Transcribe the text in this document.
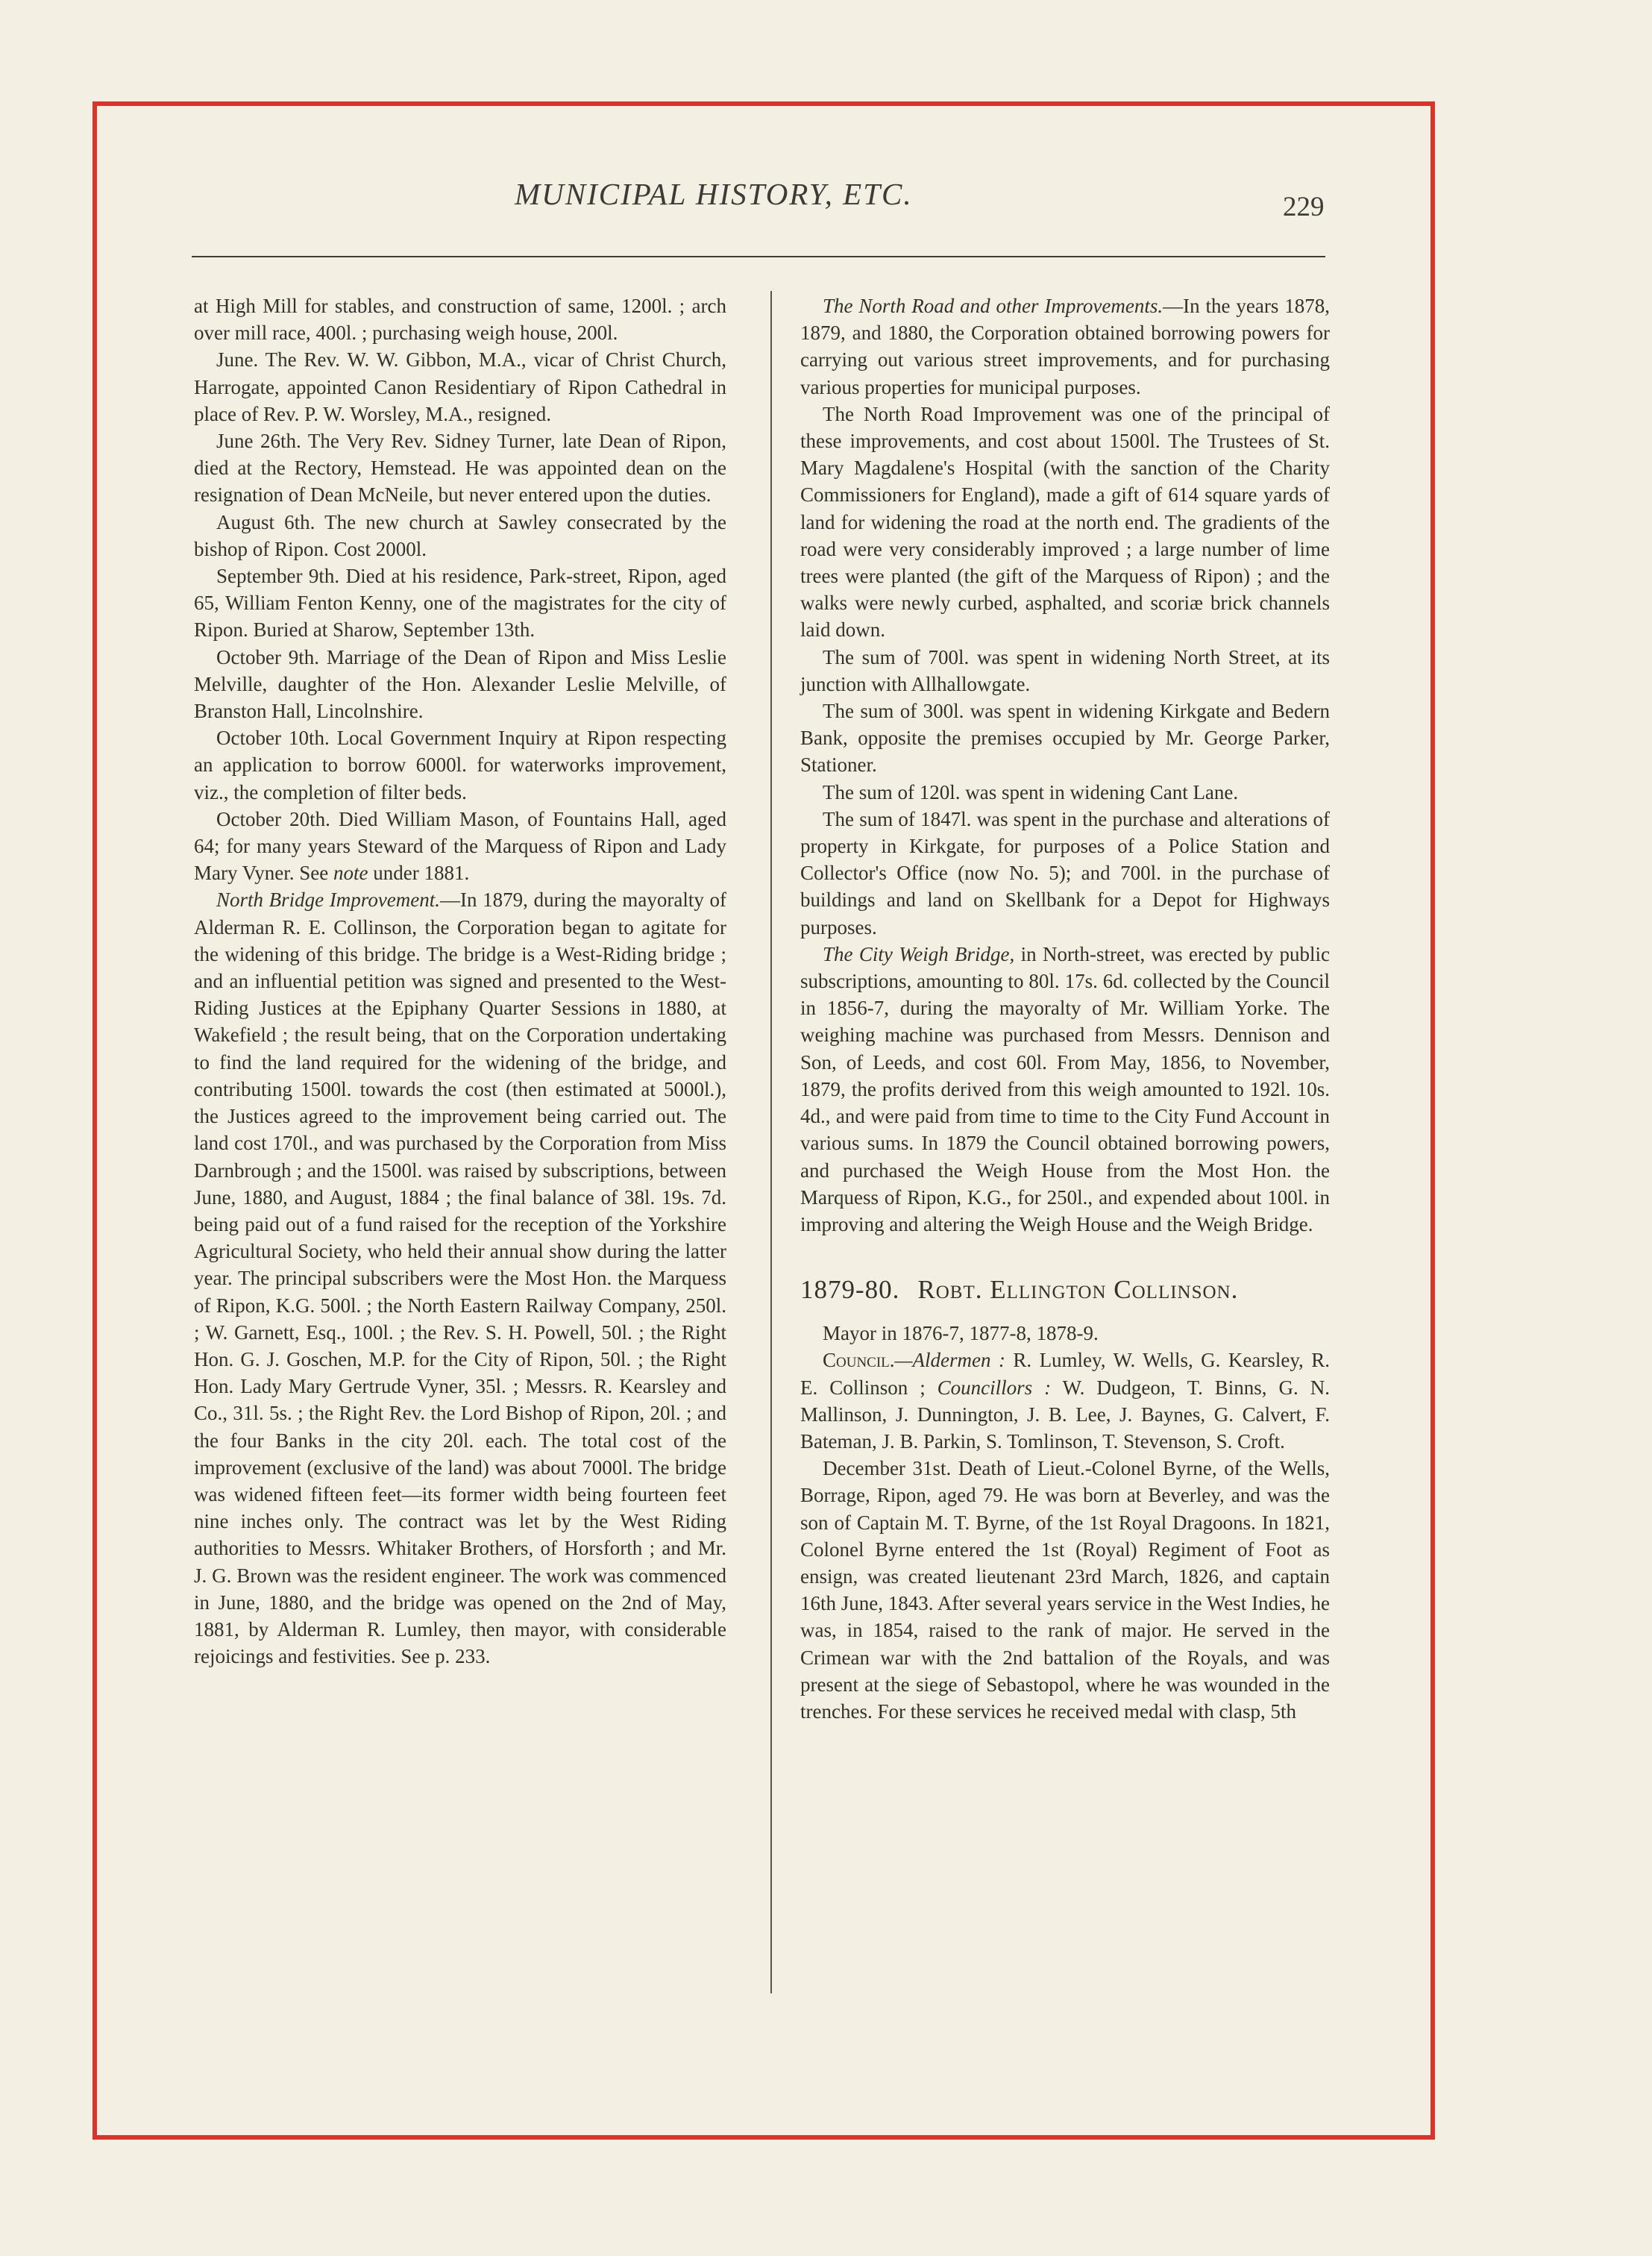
MUNICIPAL HISTORY, ETC.	229

at High Mill for stables, and construction of same, 1200l. ; arch over mill race, 400l. ; purchasing weigh house, 200l.

June. The Rev. W. W. Gibbon, M.A., vicar of Christ Church, Harrogate, appointed Canon Residentiary of Ripon Cathedral in place of Rev. P. W. Worsley, M.A., resigned.

June 26th. The Very Rev. Sidney Turner, late Dean of Ripon, died at the Rectory, Hemstead. He was appointed dean on the resignation of Dean McNeile, but never entered upon the duties.

August 6th. The new church at Sawley consecrated by the bishop of Ripon. Cost 2000l.

September 9th. Died at his residence, Park-street, Ripon, aged 65, William Fenton Kenny, one of the magistrates for the city of Ripon. Buried at Sharow, September 13th.

October 9th. Marriage of the Dean of Ripon and Miss Leslie Melville, daughter of the Hon. Alexander Leslie Melville, of Branston Hall, Lincolnshire.

October 10th. Local Government Inquiry at Ripon respecting an application to borrow 6000l. for waterworks improvement, viz., the completion of filter beds.

October 20th. Died William Mason, of Fountains Hall, aged 64; for many years Steward of the Marquess of Ripon and Lady Mary Vyner. See note under 1881.

North Bridge Improvement.—In 1879, during the mayoralty of Alderman R. E. Collinson, the Corporation began to agitate for the widening of this bridge. The bridge is a West-Riding bridge ; and an influential petition was signed and presented to the West-Riding Justices at the Epiphany Quarter Sessions in 1880, at Wakefield ; the result being, that on the Corporation undertaking to find the land required for the widening of the bridge, and contributing 1500l. towards the cost (then estimated at 5000l.), the Justices agreed to the improvement being carried out. The land cost 170l., and was purchased by the Corporation from Miss Darnbrough ; and the 1500l. was raised by subscriptions, between June, 1880, and August, 1884 ; the final balance of 38l. 19s. 7d. being paid out of a fund raised for the reception of the Yorkshire Agricultural Society, who held their annual show during the latter year. The principal subscribers were the Most Hon. the Marquess of Ripon, K.G. 500l. ; the North Eastern Railway Company, 250l. ; W. Garnett, Esq., 100l. ; the Rev. S. H. Powell, 50l. ; the Right Hon. G. J. Goschen, M.P. for the City of Ripon, 50l. ; the Right Hon. Lady Mary Gertrude Vyner, 35l. ; Messrs. R. Kearsley and Co., 31l. 5s. ; the Right Rev. the Lord Bishop of Ripon, 20l. ; and the four Banks in the city 20l. each. The total cost of the improvement (exclusive of the land) was about 7000l. The bridge was widened fifteen feet—its former width being fourteen feet nine inches only. The contract was let by the West Riding authorities to Messrs. Whitaker Brothers, of Horsforth ; and Mr. J. G. Brown was the resident engineer. The work was commenced in June, 1880, and the bridge was opened on the 2nd of May, 1881, by Alderman R. Lumley, then mayor, with considerable rejoicings and festivities. See p. 233.

The North Road and other Improvements.—In the years 1878, 1879, and 1880, the Corporation obtained borrowing powers for carrying out various street improvements, and for purchasing various properties for municipal purposes.

The North Road Improvement was one of the principal of these improvements, and cost about 1500l. The Trustees of St. Mary Magdalene's Hospital (with the sanction of the Charity Commissioners for England), made a gift of 614 square yards of land for widening the road at the north end. The gradients of the road were very considerably improved ; a large number of lime trees were planted (the gift of the Marquess of Ripon) ; and the walks were newly curbed, asphalted, and scoriæ brick channels laid down.

The sum of 700l. was spent in widening North Street, at its junction with Allhallowgate.

The sum of 300l. was spent in widening Kirkgate and Bedern Bank, opposite the premises occupied by Mr. George Parker, Stationer.

The sum of 120l. was spent in widening Cant Lane.

The sum of 1847l. was spent in the purchase and alterations of property in Kirkgate, for purposes of a Police Station and Collector's Office (now No. 5); and 700l. in the purchase of buildings and land on Skellbank for a Depot for Highways purposes.

The City Weigh Bridge, in North-street, was erected by public subscriptions, amounting to 80l. 17s. 6d. collected by the Council in 1856-7, during the mayoralty of Mr. William Yorke. The weighing machine was purchased from Messrs. Dennison and Son, of Leeds, and cost 60l. From May, 1856, to November, 1879, the profits derived from this weigh amounted to 192l. 10s. 4d., and were paid from time to time to the City Fund Account in various sums. In 1879 the Council obtained borrowing powers, and purchased the Weigh House from the Most Hon. the Marquess of Ripon, K.G., for 250l., and expended about 100l. in improving and altering the Weigh House and the Weigh Bridge.

1879-80. Robt. Ellington Collinson.

Mayor in 1876-7, 1877-8, 1878-9.

Council.—Aldermen : R. Lumley, W. Wells, G. Kearsley, R. E. Collinson ; Councillors : W. Dudgeon, T. Binns, G. N. Mallinson, J. Dunnington, J. B. Lee, J. Baynes, G. Calvert, F. Bateman, J. B. Parkin, S. Tomlinson, T. Stevenson, S. Croft.

December 31st. Death of Lieut.-Colonel Byrne, of the Wells, Borrage, Ripon, aged 79. He was born at Beverley, and was the son of Captain M. T. Byrne, of the 1st Royal Dragoons. In 1821, Colonel Byrne entered the 1st (Royal) Regiment of Foot as ensign, was created lieutenant 23rd March, 1826, and captain 16th June, 1843. After several years service in the West Indies, he was, in 1854, raised to the rank of major. He served in the Crimean war with the 2nd battalion of the Royals, and was present at the siege of Sebastopol, where he was wounded in the trenches. For these services he received medal with clasp, 5th
